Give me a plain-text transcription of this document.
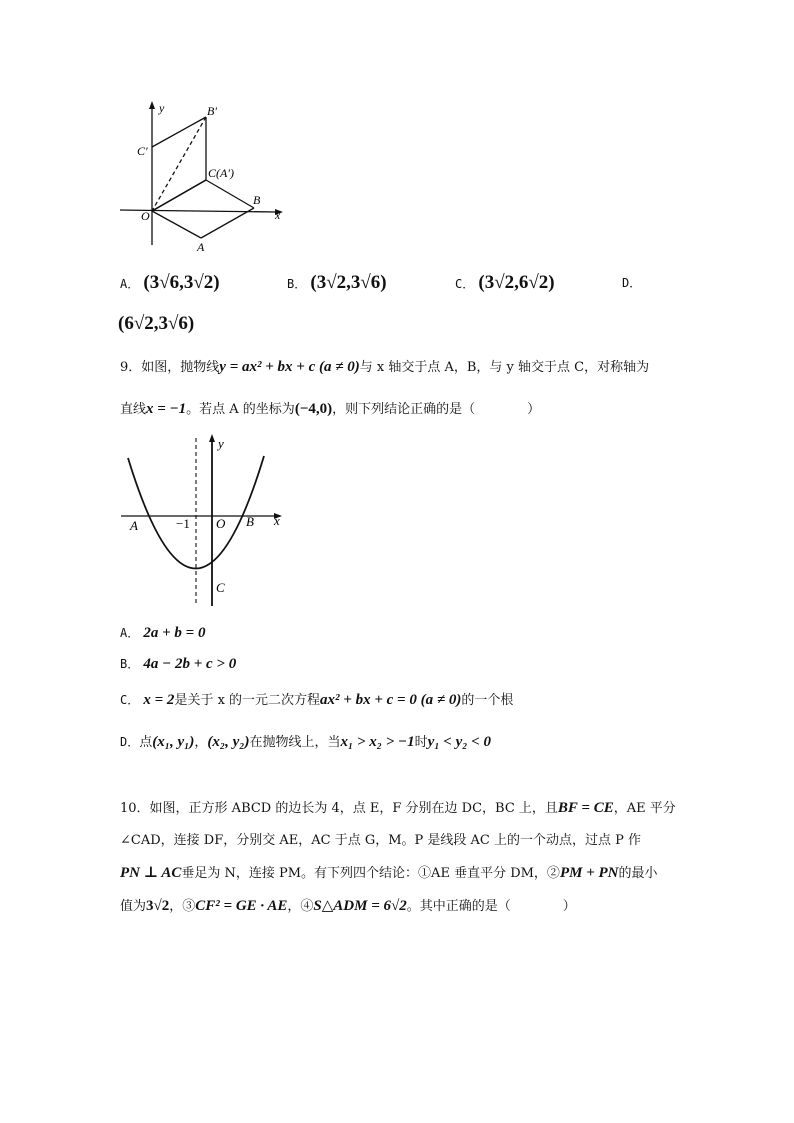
y	B′
C′
C(A′)
O
B
x
A
A． (3√6,3√2)	B． (3√2,3√6)	C． (3√2,6√2)	D．
(6√2,3√6)
9．如图，抛物线y = ax² + bx + c (a ≠ 0)与 x 轴交于点 A，B，与 y 轴交于点 C，对称轴为
直线x = −1。若点 A 的坐标为(−4,0)，则下列结论正确的是（　　　　）
y
x
A	−1 O B
C
A． 2a + b = 0
B． 4a − 2b + c > 0
C． x = 2是关于 x 的一元二次方程ax² + bx + c = 0 (a ≠ 0)的一个根
D．点(x₁, y₁)，(x₂, y₂)在抛物线上，当x₁ > x₂ > −1时y₁ < y₂ < 0
10．如图，正方形 ABCD 的边长为 4，点 E，F 分别在边 DC，BC 上，且BF = CE，AE 平分
∠CAD，连接 DF，分别交 AE，AC 于点 G，M。P 是线段 AC 上的一个动点，过点 P 作
PN ⊥ AC垂足为 N，连接 PM。有下列四个结论：①AE 垂直平分 DM，②PM + PN的最小
值为3√2，③CF² = GE · AE，④S△ADM = 6√2。其中正确的是（　　　　）
